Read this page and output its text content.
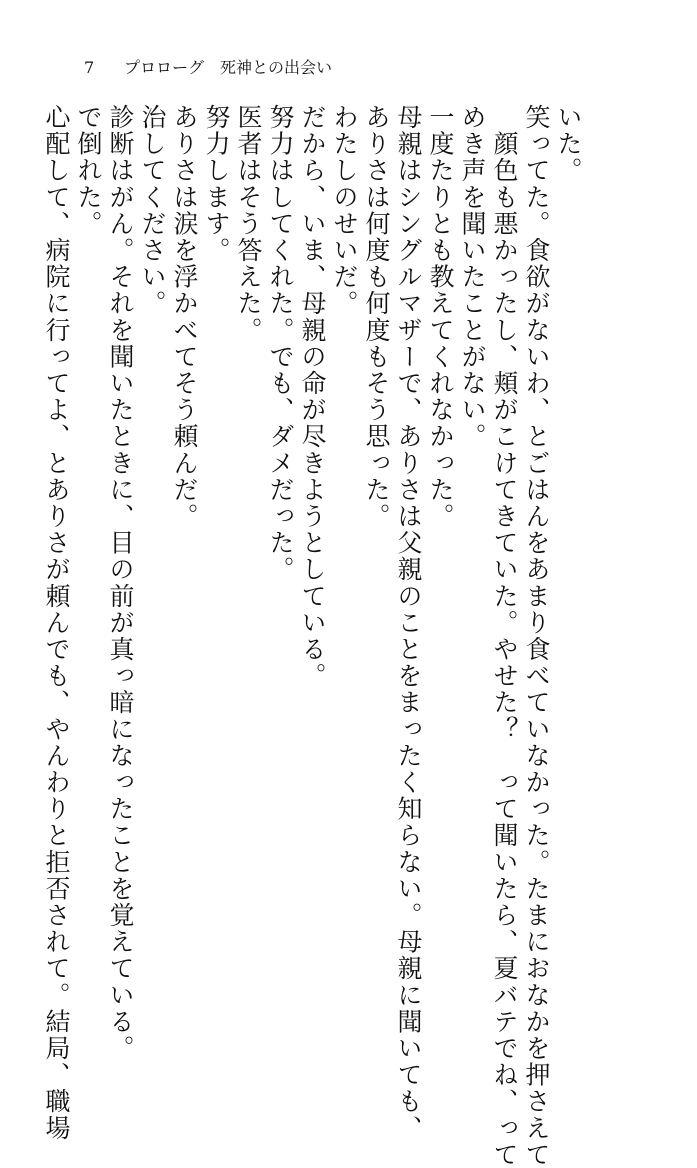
7 プロローグ　死神との出会い
いた。
笑ってた。食欲がないわ、とごはんをあまり食べていなかった。たまにおなかを押さえて
　顔色も悪かったし、頬がこけてきていた。やせた？　って聞いたら、夏バテでね、って
めき声を聞いたことがない。
一度たりとも教えてくれなかった。
母親はシングルマザーで、ありさは父親のことをまったく知らない。母親に聞いても、
ありさは何度も何度もそう思った。
わたしのせいだ。
だから、いま、母親の命が尽きようとしている。
努力はしてくれた。でも、ダメだった。
医者はそう答えた。
努力します。
ありさは涙を浮かべてそう頼んだ。
治してください。
診断はがん。それを聞いたときに、目の前が真っ暗になったことを覚えている。
で倒れた。
心配して、病院に行ってよ、とありさが頼んでも、やんわりと拒否されて。結局、職場
